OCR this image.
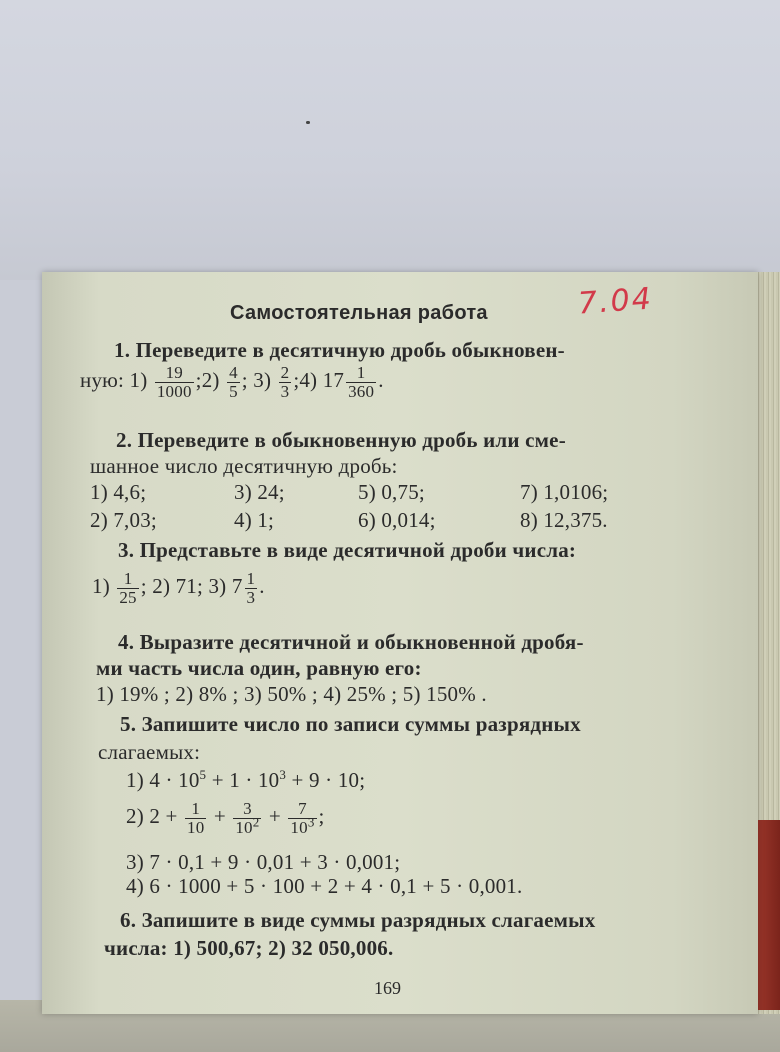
7.04
Самостоятельная работа
1. Переведите в десятичную дробь обыкновен-
ную: $1) \frac{19}{1000}$ ;2) $\frac{4}{5}$ ; $3) \frac{2}{3}$ ;4) $17 \frac{1}{360}$ .
2. Переведите в обыкновенную дробь или сме-
шанное число десятичную дробь:
1) 4,6;	3) 24;	5) 0,75;	7) 1,0106;
2) 7,03;	4) 1;	6) 0,014;	8) 12,375.
3. Представьте в виде десятичной дроби числа:
$1) \frac{1}{25}$ ; 2) 71; 3) $7 \frac{1}{3}$ .
4. Выразите десятичной и обыкновенной дробя-
ми часть числа один, равную его:
1) 19% ; 2) 8% ; 3) 50% ; 4) 25% ; 5) 150% .
5. Запишите число по записи суммы разрядных
слагаемых:
1) $4 \cdot 10^5 + 1 \cdot 10^3 + 9 \cdot 10$;
2) $2 + \frac{1}{10} + \frac{3}{10^2} + \frac{7}{10^3}$ ;
3) 7 · 0,1 + 9 · 0,01 + 3 · 0,001;
4) 6 · 1000 + 5 · 100 + 2 + 4 · 0,1 + 5 · 0,001.
6. Запишите в виде суммы разрядных слагаемых
числа: 1) 500,67; 2) 32 050,006.
169
